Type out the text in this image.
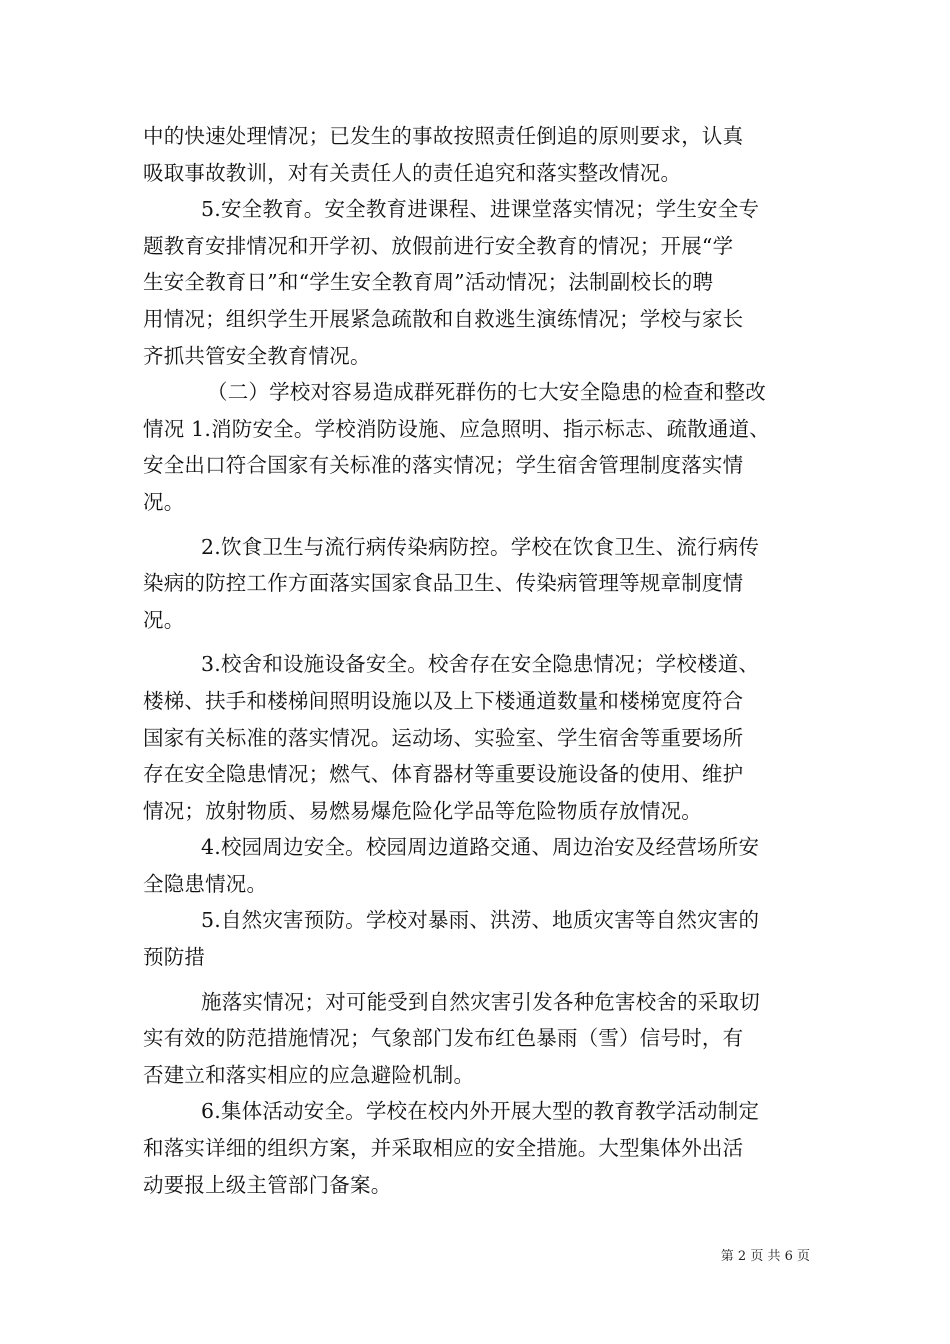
中的快速处理情况；已发生的事故按照责任倒追的原则要求，认真
吸取事故教训，对有关责任人的责任追究和落实整改情况。
5.安全教育。安全教育进课程、进课堂落实情况；学生安全专
题教育安排情况和开学初、放假前进行安全教育的情况；开展“学
生安全教育日”和“学生安全教育周”活动情况；法制副校长的聘
用情况；组织学生开展紧急疏散和自救逃生演练情况；学校与家长
齐抓共管安全教育情况。
（二）学校对容易造成群死群伤的七大安全隐患的检查和整改
情况 1.消防安全。学校消防设施、应急照明、指示标志、疏散通道、
安全出口符合国家有关标准的落实情况；学生宿舍管理制度落实情
况。
2.饮食卫生与流行病传染病防控。学校在饮食卫生、流行病传
染病的防控工作方面落实国家食品卫生、传染病管理等规章制度情
况。
3.校舍和设施设备安全。校舍存在安全隐患情况；学校楼道、
楼梯、扶手和楼梯间照明设施以及上下楼通道数量和楼梯宽度符合
国家有关标准的落实情况。运动场、实验室、学生宿舍等重要场所
存在安全隐患情况；燃气、体育器材等重要设施设备的使用、维护
情况；放射物质、易燃易爆危险化学品等危险物质存放情况。
4.校园周边安全。校园周边道路交通、周边治安及经营场所安
全隐患情况。
5.自然灾害预防。学校对暴雨、洪涝、地质灾害等自然灾害的
预防措
施落实情况；对可能受到自然灾害引发各种危害校舍的采取切
实有效的防范措施情况；气象部门发布红色暴雨（雪）信号时，有
否建立和落实相应的应急避险机制。
6.集体活动安全。学校在校内外开展大型的教育教学活动制定
和落实详细的组织方案，并采取相应的安全措施。大型集体外出活
动要报上级主管部门备案。
第 2 页 共 6 页
